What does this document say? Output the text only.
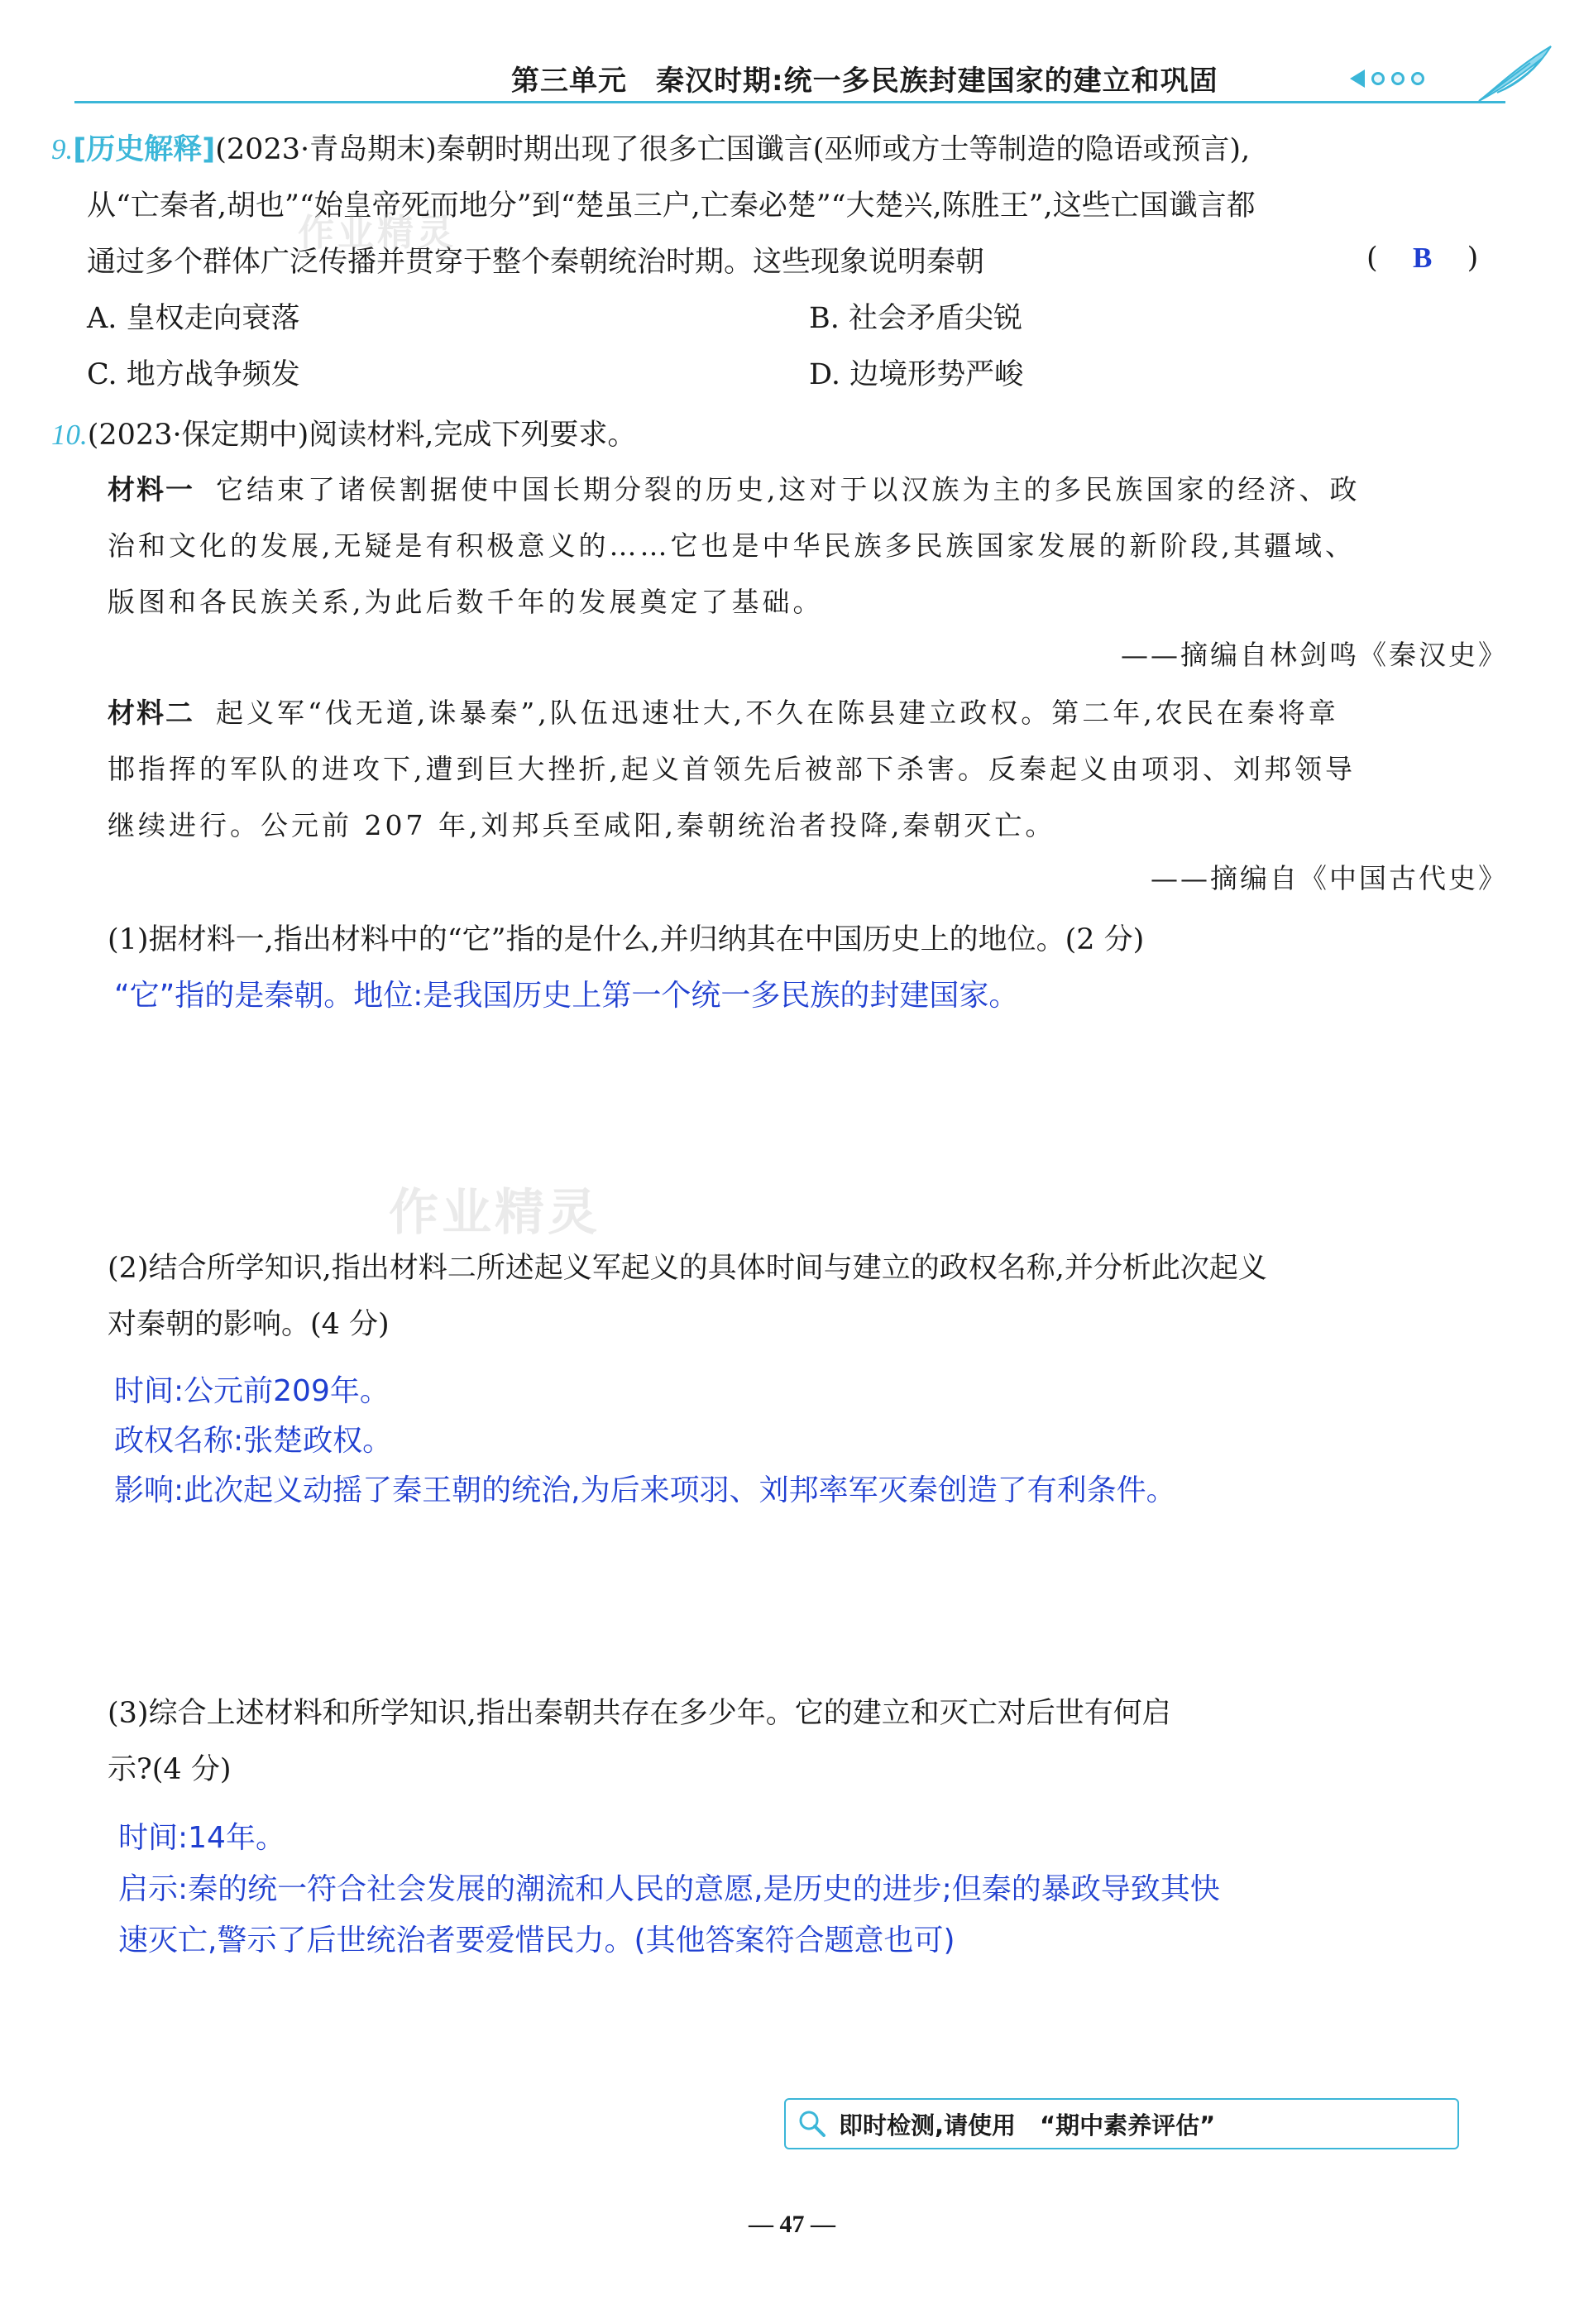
第三单元　秦汉时期:统一多民族封建国家的建立和巩固
9.[历史解释](2023·青岛期末)秦朝时期出现了很多亡国谶言(巫师或方士等制造的隐语或预言),
从“亡秦者,胡也”“始皇帝死而地分”到“楚虽三户,亡秦必楚”“大楚兴,陈胜王”,这些亡国谶言都
通过多个群体广泛传播并贯穿于整个秦朝统治时期。这些现象说明秦朝	( B )
A. 皇权走向衰落	B. 社会矛盾尖锐
C. 地方战争频发	D. 边境形势严峻
10.(2023·保定期中)阅读材料,完成下列要求。
材料一 它结束了诸侯割据使中国长期分裂的历史,这对于以汉族为主的多民族国家的经济、政
治和文化的发展,无疑是有积极意义的……它也是中华民族多民族国家发展的新阶段,其疆域、
版图和各民族关系,为此后数千年的发展奠定了基础。
——摘编自林剑鸣《秦汉史》
材料二 起义军“伐无道,诛暴秦”,队伍迅速壮大,不久在陈县建立政权。第二年,农民在秦将章
邯指挥的军队的进攻下,遭到巨大挫折,起义首领先后被部下杀害。反秦起义由项羽、刘邦领导
继续进行。公元前 207 年,刘邦兵至咸阳,秦朝统治者投降,秦朝灭亡。
——摘编自《中国古代史》
(1)据材料一,指出材料中的“它”指的是什么,并归纳其在中国历史上的地位。(2 分)
“它”指的是秦朝。地位:是我国历史上第一个统一多民族的封建国家。
作业精灵
作业精灵
(2)结合所学知识,指出材料二所述起义军起义的具体时间与建立的政权名称,并分析此次起义
对秦朝的影响。(4 分)
时间:公元前209年。
政权名称:张楚政权。
影响:此次起义动摇了秦王朝的统治,为后来项羽、刘邦率军灭秦创造了有利条件。
(3)综合上述材料和所学知识,指出秦朝共存在多少年。它的建立和灭亡对后世有何启
示?(4 分)
时间:14年。
启示:秦的统一符合社会发展的潮流和人民的意愿,是历史的进步;但秦的暴政导致其快
速灭亡,警示了后世统治者要爱惜民力。(其他答案符合题意也可)
即时检测,请使用　“期中素养评估”
— 47 —
